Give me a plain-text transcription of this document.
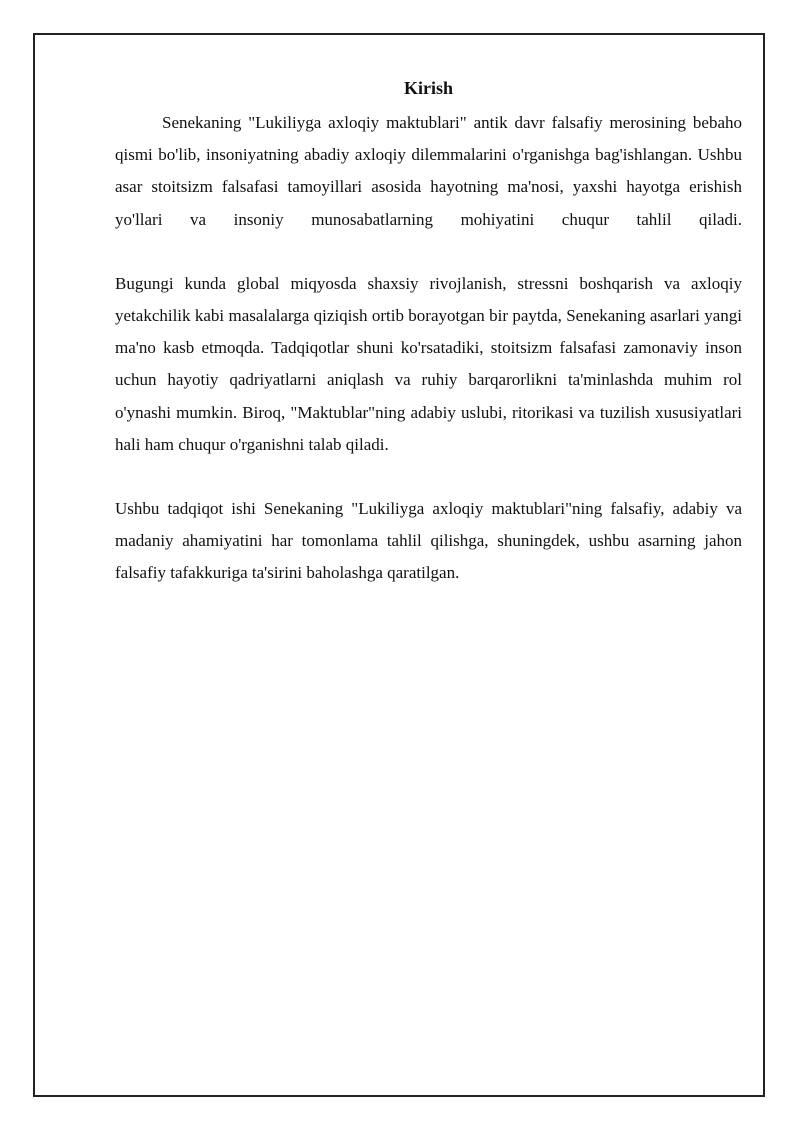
Kirish

Senekaning "Lukiliyga axloqiy maktublari" antik davr falsafiy merosining bebaho qismi bo'lib, insoniyatning abadiy axloqiy dilemmalarini o'rganishga bag'ishlangan. Ushbu asar stoitsizm falsafasi tamoyillari asosida hayotning ma'nosi, yaxshi hayotga erishish yo'llari va insoniy munosabatlarning mohiyatini chuqur tahlil qiladi.

Bugungi kunda global miqyosda shaxsiy rivojlanish, stressni boshqarish va axloqiy yetakchilik kabi masalalarga qiziqish ortib borayotgan bir paytda, Senekaning asarlari yangi ma'no kasb etmoqda. Tadqiqotlar shuni ko'rsatadiki, stoitsizm falsafasi zamonaviy inson uchun hayotiy qadriyatlarni aniqlash va ruhiy barqarorlikni ta'minlashda muhim rol o'ynashi mumkin. Biroq, "Maktublar"ning adabiy uslubi, ritorikasi va tuzilish xususiyatlari hali ham chuqur o'rganishni talab qiladi.

Ushbu tadqiqot ishi Senekaning "Lukiliyga axloqiy maktublari"ning falsafiy, adabiy va madaniy ahamiyatini har tomonlama tahlil qilishga, shuningdek, ushbu asarning jahon falsafiy tafakkuriga ta'sirini baholashga qaratilgan.
